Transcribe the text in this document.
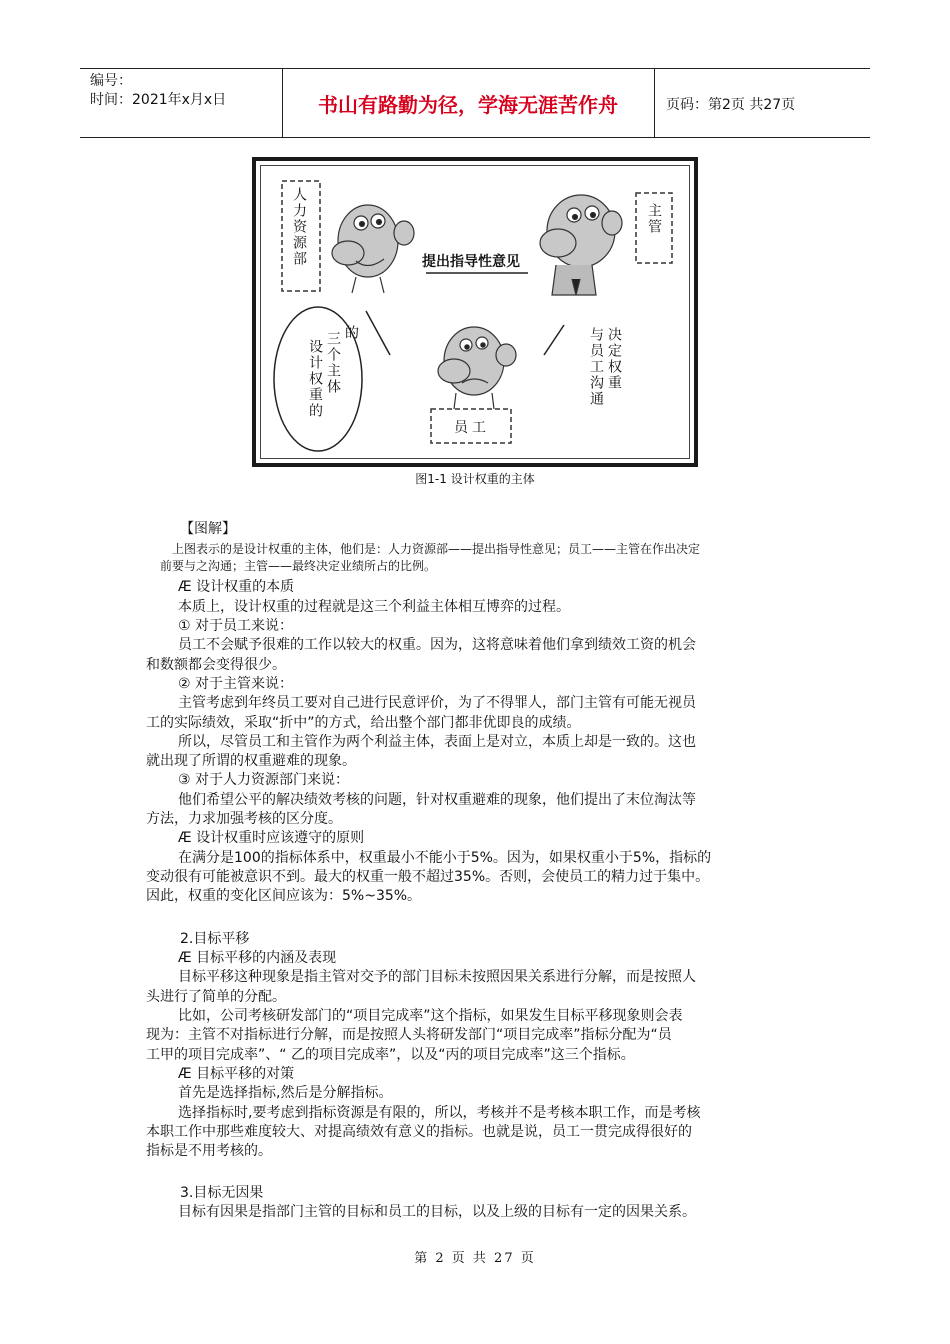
编号：
时间：2021年x月x日	书山有路勤为径，学海无涯苦作舟	页码：第2页 共27页
人力资源部	主管
员工
提出指导性意见
设计权重的 三个主体 的	决定权重
与员工沟通
图1-1 设计权重的主体
【图解】
上图表示的是设计权重的主体，他们是：人力资源部——提出指导性意见；员工——主管在作出决定
前要与之沟通；主管——最终决定业绩所占的比例。
Æ 设计权重的本质
本质上，设计权重的过程就是这三个利益主体相互博弈的过程。
① 对于员工来说：
员工不会赋予很难的工作以较大的权重。因为，这将意味着他们拿到绩效工资的机会
和数额都会变得很少。
② 对于主管来说：
主管考虑到年终员工要对自己进行民意评价，为了不得罪人，部门主管有可能无视员
工的实际绩效，采取“折中”的方式，给出整个部门都非优即良的成绩。
所以，尽管员工和主管作为两个利益主体，表面上是对立，本质上却是一致的。这也
就出现了所谓的权重避难的现象。
③ 对于人力资源部门来说：
他们希望公平的解决绩效考核的问题，针对权重避难的现象，他们提出了末位淘汰等
方法，力求加强考核的区分度。
Æ 设计权重时应该遵守的原则
在满分是100的指标体系中，权重最小不能小于5%。因为，如果权重小于5%，指标的
变动很有可能被意识不到。最大的权重一般不超过35%。否则，会使员工的精力过于集中。
因此，权重的变化区间应该为：5%~35%。
2.目标平移
Æ 目标平移的内涵及表现
目标平移这种现象是指主管对交予的部门目标未按照因果关系进行分解，而是按照人
头进行了简单的分配。
比如，公司考核研发部门的“项目完成率”这个指标，如果发生目标平移现象则会表
现为：主管不对指标进行分解，而是按照人头将研发部门“项目完成率”指标分配为“员
工甲的项目完成率”、“ 乙的项目完成率”，以及“丙的项目完成率”这三个指标。
Æ 目标平移的对策
首先是选择指标,然后是分解指标。
选择指标时,要考虑到指标资源是有限的，所以，考核并不是考核本职工作，而是考核
本职工作中那些难度较大、对提高绩效有意义的指标。也就是说，员工一贯完成得很好的
指标是不用考核的。
3.目标无因果
目标有因果是指部门主管的目标和员工的目标，以及上级的目标有一定的因果关系。
第 2 页 共 27 页
